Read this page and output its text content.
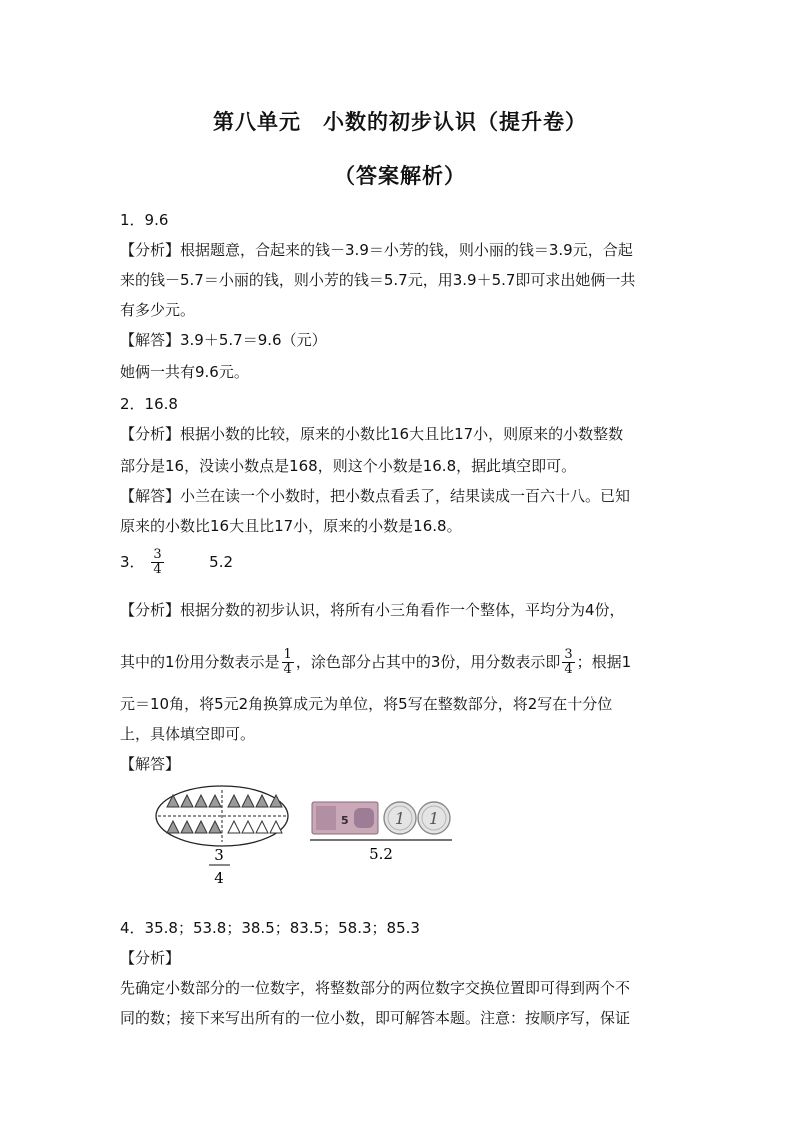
第八单元　小数的初步认识（提升卷）
（答案解析）
1．9.6
【分析】根据题意，合起来的钱－3.9＝小芳的钱，则小丽的钱＝3.9元，合起
来的钱－5.7＝小丽的钱，则小芳的钱＝5.7元，用3.9＋5.7即可求出她俩一共
有多少元。
【解答】3.9＋5.7＝9.6（元）
她俩一共有9.6元。
2．16.8
【分析】根据小数的比较，原来的小数比16大且比17小，则原来的小数整数
部分是16，没读小数点是168，则这个小数是16.8，据此填空即可。
【解答】小兰在读一个小数时，把小数点看丢了，结果读成一百六十八。已知
原来的小数比16大且比17小，原来的小数是16.8。
3． $\frac{3}{4}$	5.2
【分析】根据分数的初步认识，将所有小三角看作一个整体，平均分为4份，
其中的1份用分数表示是 $\frac{1}{4}$ ，涂色部分占其中的3份，用分数表示即 $\frac{3}{4}$ ；根据1
元＝10角，将5元2角换算成元为单位，将5写在整数部分，将2写在十分位
上，具体填空即可。
【解答】
3
4
5	1 1
5.2
4．35.8；53.8；38.5；83.5；58.3；85.3
【分析】
先确定小数部分的一位数字，将整数部分的两位数字交换位置即可得到两个不
同的数；接下来写出所有的一位小数，即可解答本题。注意：按顺序写，保证
